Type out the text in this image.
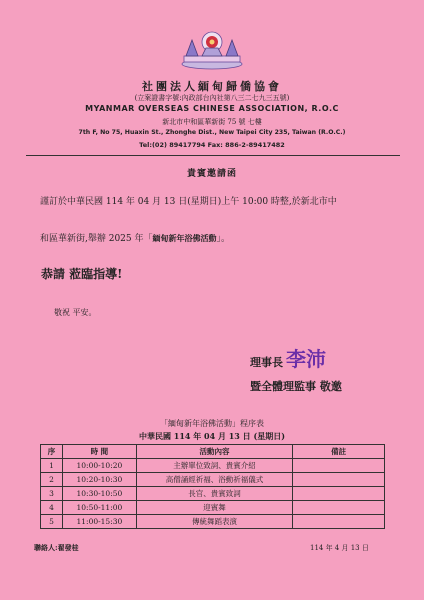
社團法人緬甸歸僑協會
(立案證書字號:內政部台內社第八三二七九三五號)
MYANMAR OVERSEAS CHINESE ASSOCIATION, R.O.C
新北市中和區華新街 75 號 七樓
7th F, No 75, Huaxin St., Zhonghe Dist., New Taipei City 235, Taiwan (R.O.C.)
Tel:(02) 89417794 Fax: 886-2-89417482
貴賓邀請函
謹訂於中華民國 114 年 04 月 13 日(星期日)上午 10:00 時整,於新北市中
和區華新街,舉辦 2025 年「緬甸新年浴佛活動」。
恭請 蒞臨指導!
敬祝 平安。
理事長 李沛
暨全體理監事 敬邀
「緬甸新年浴佛活動」程序表
中華民國 114 年 04 月 13 日 (星期日)
序	時 間	活動內容	備註
1	10:00-10:20	主辦單位致詞、貴賓介紹	
2	10:20-10:30	高僧誦經祈福、浴動祈福儀式	
3	10:30-10:50	長官、貴賓致詞	
4	10:50-11:00	迎賓舞	
5	11:00-15:30	傳統舞蹈表演	
聯絡人:翟發桂	114 年 4 月 13 日
